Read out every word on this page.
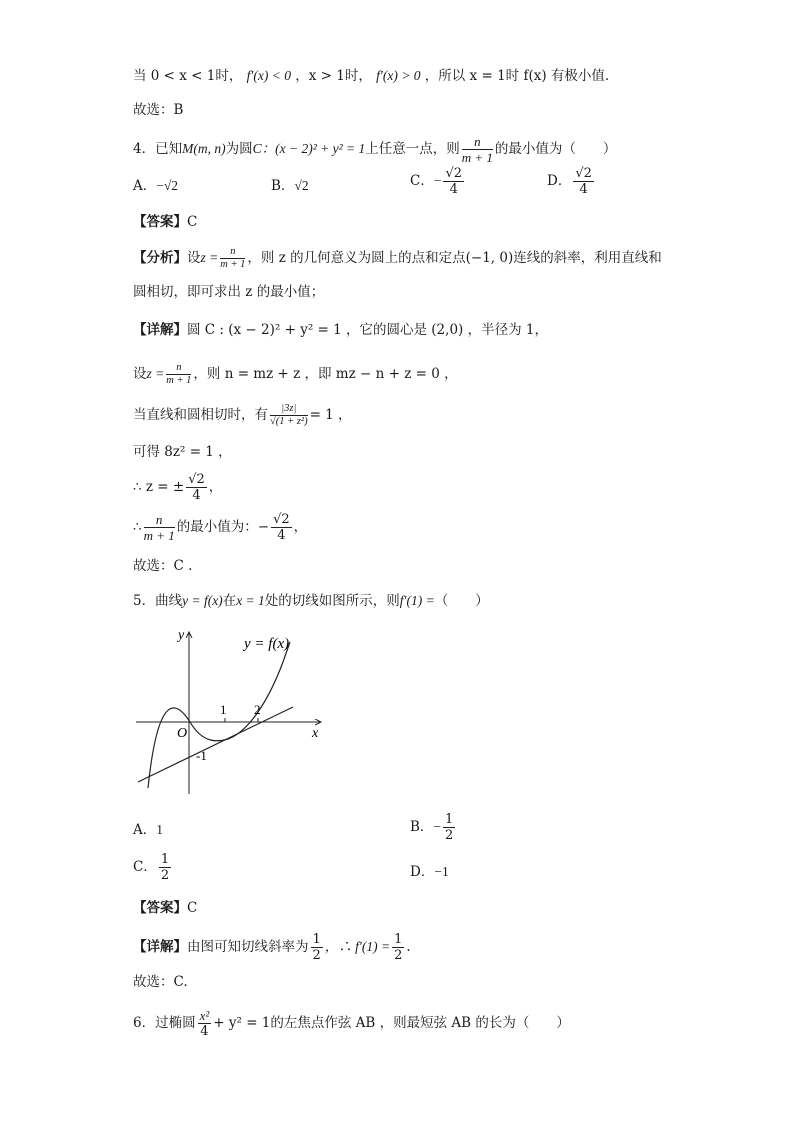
当 0 < x < 1时， f′(x) < 0 ，x > 1时， f′(x) > 0 ，所以 x = 1时 f(x) 有极小值.
故选：B
4．已知M(m, n)为圆C：(x − 2)² + y² = 1上任意一点，则 $\frac{n}{m + 1}$ 的最小值为（　　）
A．−√2	B．√2	C．− $\frac{√2}{4}$	D． $\frac{√2}{4}$
【答案】C
【分析】设$z = \frac{n}{m + 1}$ ，则 z 的几何意义为圆上的点和定点(−1, 0)连线的斜率，利用直线和
圆相切，即可求出 z 的最小值；
【详解】圆 C : (x − 2)² + y² = 1 ，它的圆心是 (2,0) ，半径为 1，
设$z = \frac{n}{m + 1}$ ，则 n = mz + z ，即 mz − n + z = 0 ，
当直线和圆相切时，有 $\frac{|3z|}{\text{√(1 + z²)}} = 1$ ，
可得 8z² = 1 ，
∴ z = ± $\frac{√2}{4}$ ，
∴ $\frac{n}{m + 1}$ 的最小值为：− $\frac{√2}{4}$ ，
故选：C .
5．曲线y = f(x)在x = 1处的切线如图所示，则f′(1) =（　　）
y
x
O
1 2
-1
y = f(x)
A．1	B．− $\frac{1}{2}$
C． $\frac{1}{2}$	D．−1
【答案】C
【详解】由图可知切线斜率为 $\frac{1}{2}$ ，∴ $f'(1) = \frac{1}{2}$ .
故选：C.
6．过椭圆 $\frac{\text{x²}}{4} + y^2 = 1$的左焦点作弦 AB ，则最短弦 AB 的长为（　　）
